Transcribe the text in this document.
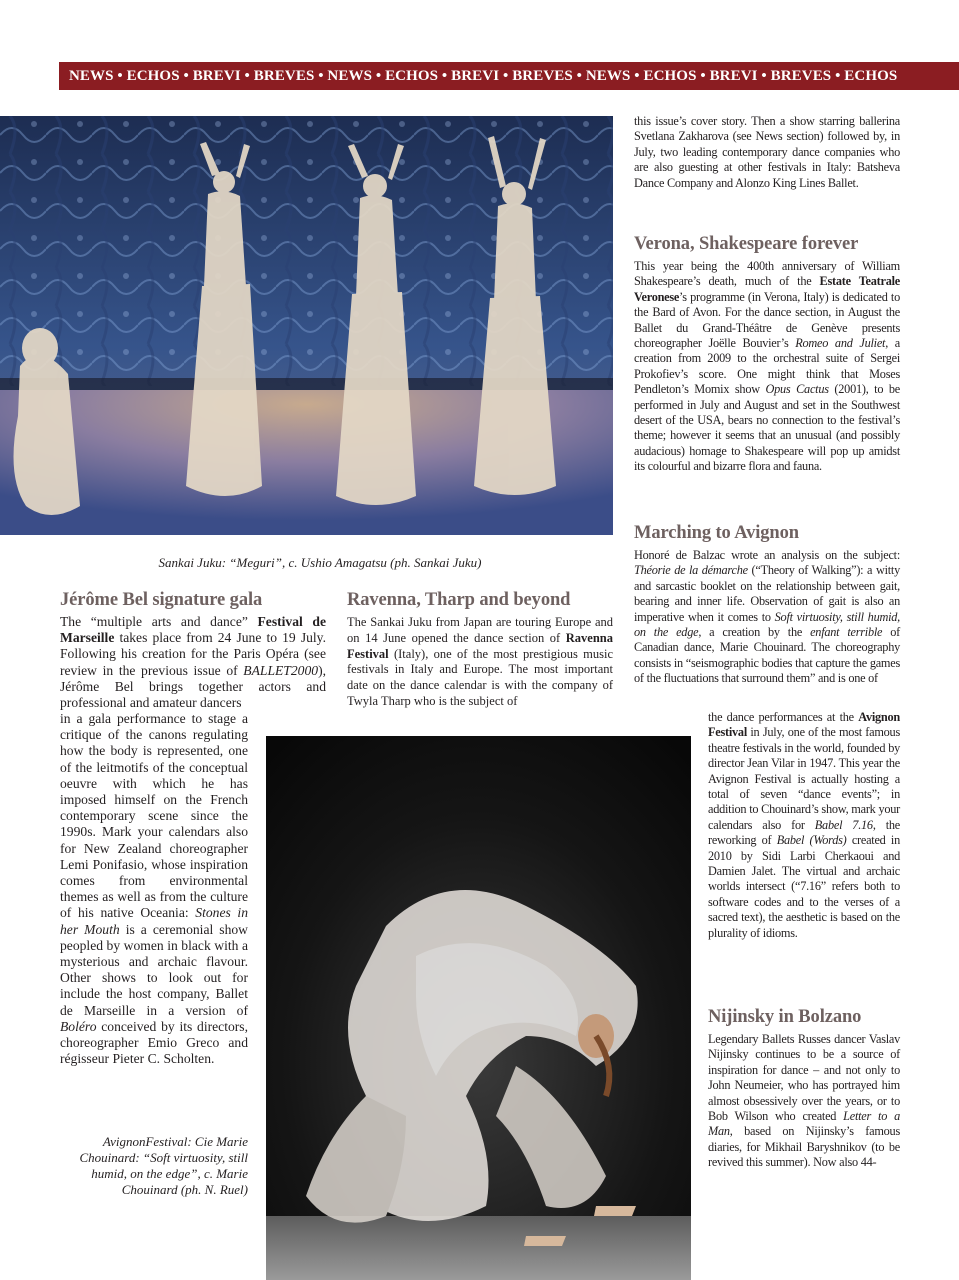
NEWS • ECHOS • BREVI • BREVES • NEWS • ECHOS • BREVI • BREVES • NEWS • ECHOS • BREVI • BREVES • ECHOS
Sankai Juku: “Meguri”, c. Ushio Amagatsu (ph. Sankai Juku)
Jérôme Bel signature gala
The “multiple arts and dance” Festival de Marseille takes place from 24 June to 19 July. Following his creation for the Paris Opéra (see review in the previous issue of BALLET2000), Jérôme Bel brings together actors and professional and amateur dancers
in a gala performance to stage a critique of the canons regulating how the body is represented, one of the leitmotifs of the conceptual oeuvre with which he has imposed himself on the French contemporary scene since the 1990s. Mark your calendars also for New Zealand choreographer Lemi Ponifasio, whose inspiration comes from environmental themes as well as from the culture of his native Oceania: Stones in her Mouth is a ceremonial show peopled by women in black with a mysterious and archaic flavour. Other shows to look out for include the host company, Ballet de Marseille in a version of Boléro conceived by its directors, choreographer Emio Greco and régisseur Pieter C. Scholten.
AvignonFestival: Cie Marie Chouinard: “Soft virtuosity, still humid, on the edge”, c. Marie Chouinard (ph. N. Ruel)
Ravenna, Tharp and beyond
The Sankai Juku from Japan are touring Europe and on 14 June opened the dance section of Ravenna Festival (Italy), one of the most prestigious music festivals in Italy and Europe. The most important date on the dance calendar is with the company of Twyla Tharp who is the subject of
this issue’s cover story. Then a show starring ballerina Svetlana Zakharova (see News section) followed by, in July, two leading contemporary dance companies who are also guesting at other festivals in Italy: Batsheva Dance Company and Alonzo King Lines Ballet.
Verona, Shakespeare forever
This year being the 400th anniversary of William Shakespeare’s death, much of the Estate Teatrale Veronese’s programme (in Verona, Italy) is dedicated to the Bard of Avon. For the dance section, in August the Ballet du Grand-Théâtre de Genève presents choreographer Joëlle Bouvier’s Romeo and Juliet, a creation from 2009 to the orchestral suite of Sergei Prokofiev’s score. One might think that Moses Pendleton’s Momix show Opus Cactus (2001), to be performed in July and August and set in the Southwest desert of the USA, bears no connection to the festival’s theme; however it seems that an unusual (and possibly audacious) homage to Shakespeare will pop up amidst its colourful and bizarre flora and fauna.
Marching to Avignon
Honoré de Balzac wrote an analysis on the subject: Théorie de la démarche (“Theory of Walking”): a witty and sarcastic booklet on the relationship between gait, bearing and inner life. Observation of gait is also an imperative when it comes to Soft virtuosity, still humid, on the edge, a creation by the enfant terrible of Canadian dance, Marie Chouinard. The choreography consists in “seismographic bodies that capture the games of the fluctuations that surround them” and is one of
the dance performances at the Avignon Festival in July, one of the most famous theatre festivals in the world, founded by director Jean Vilar in 1947. This year the Avignon Festival is actually hosting a total of seven “dance events”; in addition to Chouinard’s show, mark your calendars also for Babel 7.16, the reworking of Babel (Words) created in 2010 by Sidi Larbi Cherkaoui and Damien Jalet. The virtual and archaic worlds intersect (“7.16” refers both to software codes and to the verses of a sacred text), the aesthetic is based on the plurality of idioms.
Nijinsky in Bolzano
Legendary Ballets Russes dancer Vaslav Nijinsky continues to be a source of inspiration for dance – and not only to John Neumeier, who has portrayed him almost obsessively over the years, or to Bob Wilson who created Letter to a Man, based on Nijinsky’s famous diaries, for Mikhail Baryshnikov (to be revived this summer). Now also 44-
